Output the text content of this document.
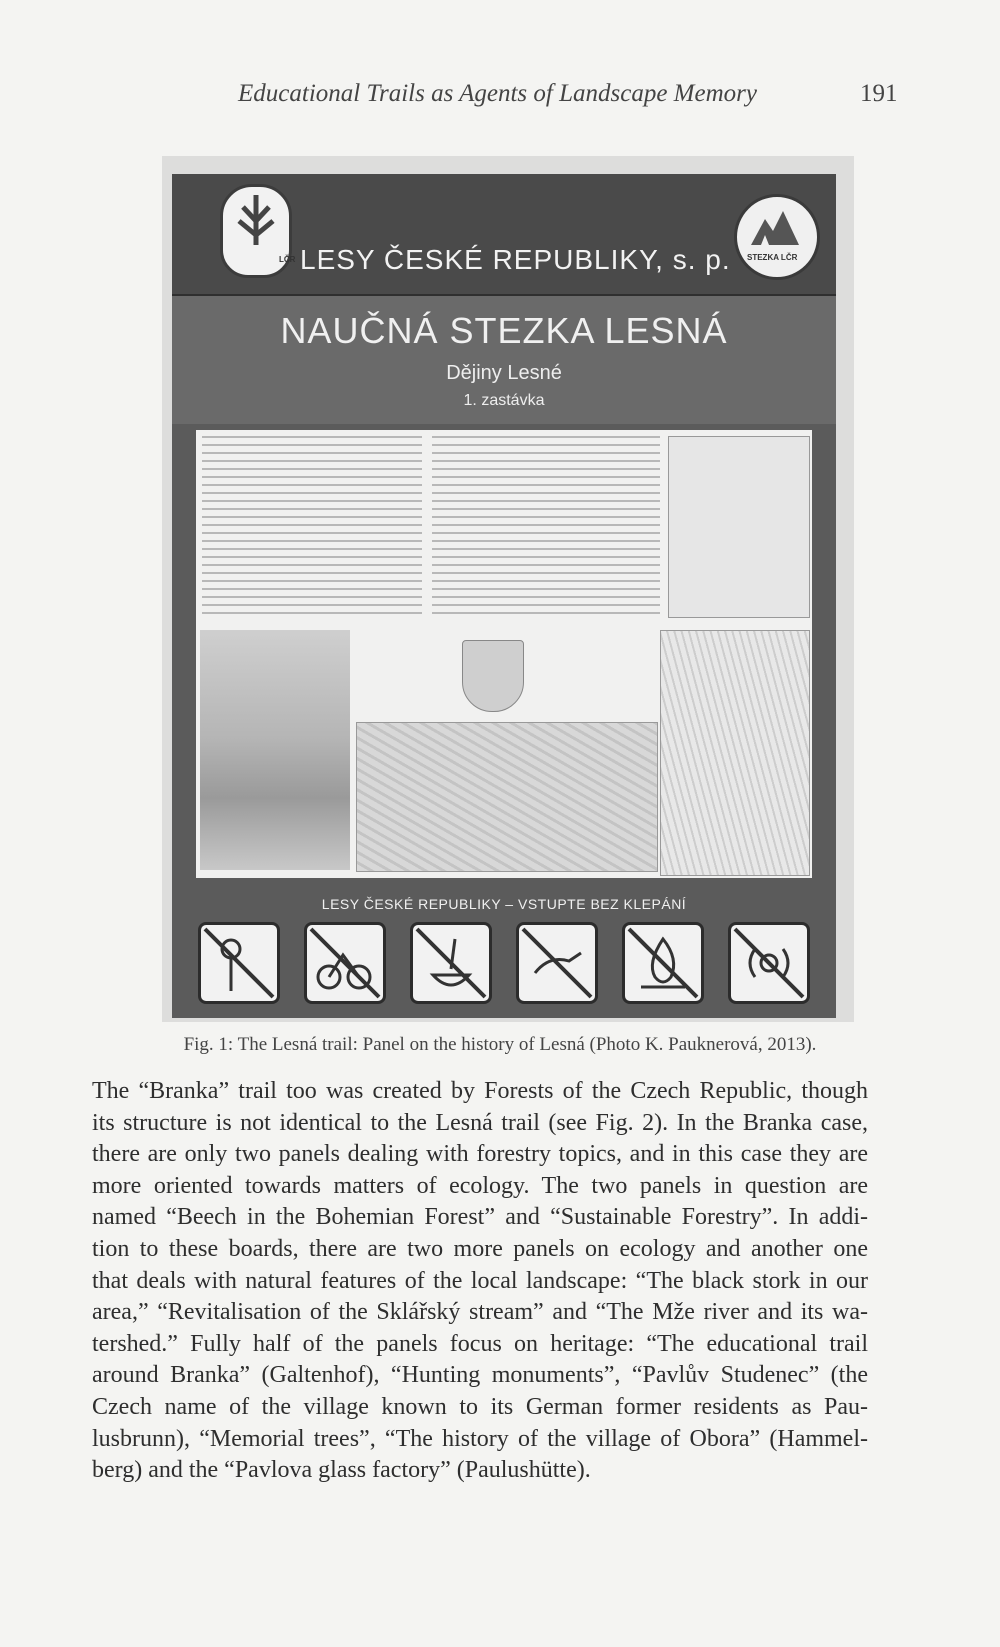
Educational Trails as Agents of Landscape Memory	191
LČR LESY ČESKÉ REPUBLIKY, s. p. STEZKA LČR
NAUČNÁ STEZKA LESNÁ
Dějiny Lesné
1. zastávka
LESY ČESKÉ REPUBLIKY – VSTUPTE BEZ KLEPÁNÍ
Fig. 1: The Lesná trail: Panel on the history of Lesná (Photo K. Pauknerová, 2013).
The “Branka” trail too was created by Forests of the Czech Republic, though
its structure is not identical to the Lesná trail (see Fig. 2). In the Branka case,
there are only two panels dealing with forestry topics, and in this case they are
more oriented towards matters of ecology. The two panels in question are
named “Beech in the Bohemian Forest” and “Sustainable Forestry”. In addi-
tion to these boards, there are two more panels on ecology and another one
that deals with natural features of the local landscape: “The black stork in our
area,” “Revitalisation of the Sklářský stream” and “The Mže river and its wa-
tershed.” Fully half of the panels focus on heritage: “The educational trail
around Branka” (Galtenhof), “Hunting monuments”, “Pavlův Studenec” (the
Czech name of the village known to its German former residents as Pau-
lusbrunn), “Memorial trees”, “The history of the village of Obora” (Hammel-
berg) and the “Pavlova glass factory” (Paulushütte).
